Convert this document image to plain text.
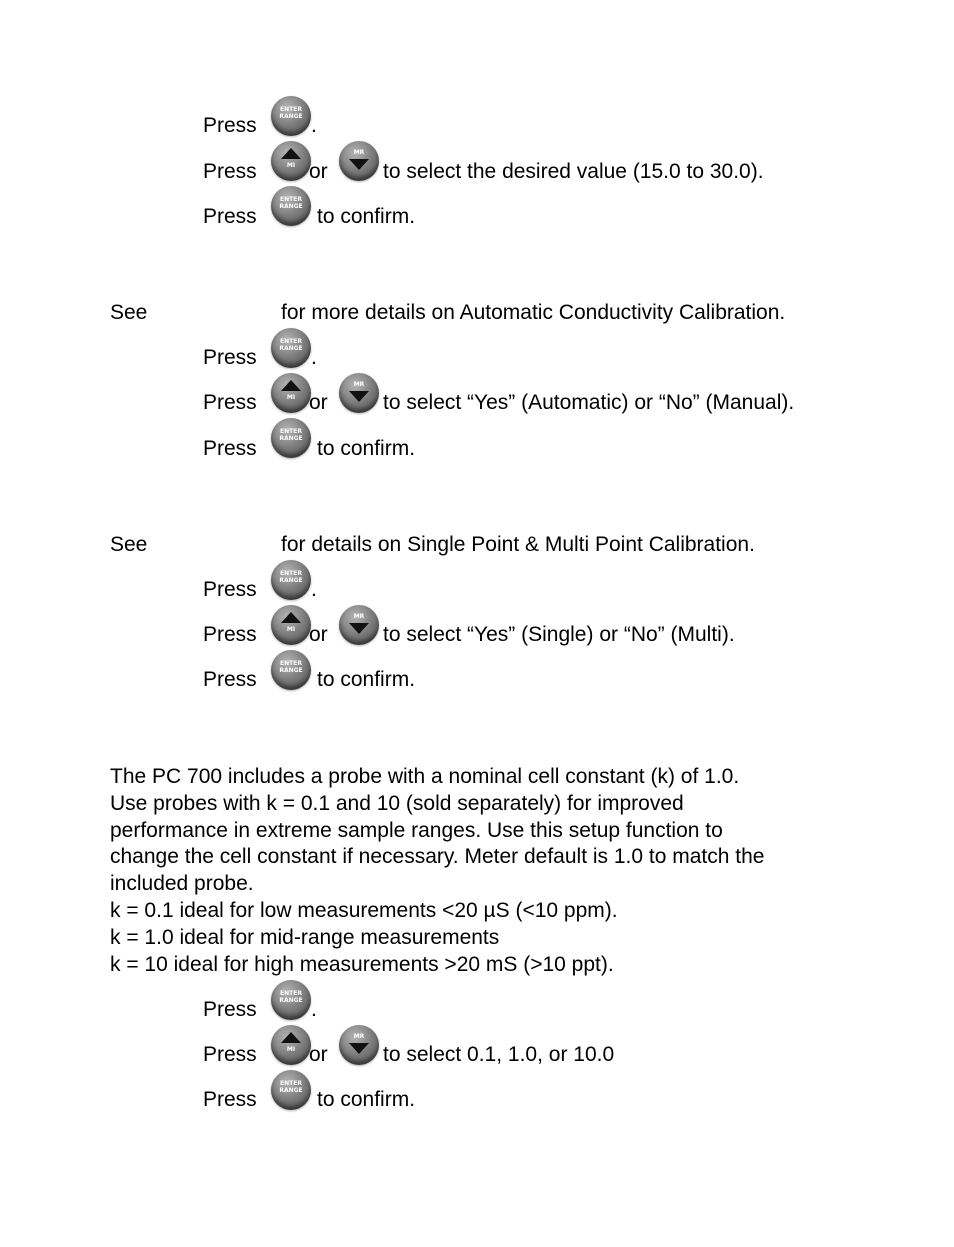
Press
ENTER
RANGE .
Press	MI or
MR
to select the desired value (15.0 to 30.0).
Press
ENTER
RANGE to confirm.
See	for more details on Automatic Conductivity Calibration.
Press
ENTER
RANGE .
Press	MI or
MR
to select “Yes” (Automatic) or “No” (Manual).
Press
ENTER
RANGE to confirm.
See	for details on Single Point & Multi Point Calibration.
Press
ENTER
RANGE .
Press	MI or
MR
to select “Yes” (Single) or “No” (Multi).
Press
ENTER
RANGE to confirm.
The PC 700 includes a probe with a nominal cell constant (k) of 1.0.
Use probes with k = 0.1 and 10 (sold separately) for improved
performance in extreme sample ranges. Use this setup function to
change the cell constant if necessary. Meter default is 1.0 to match the
included probe.
k = 0.1 ideal for low measurements <20 µS (<10 ppm).
k = 1.0 ideal for mid-range measurements
k = 10 ideal for high measurements >20 mS (>10 ppt).
Press
ENTER
RANGE .
Press	MI or
MR
to select 0.1, 1.0, or 10.0
Press
ENTER
RANGE to confirm.
